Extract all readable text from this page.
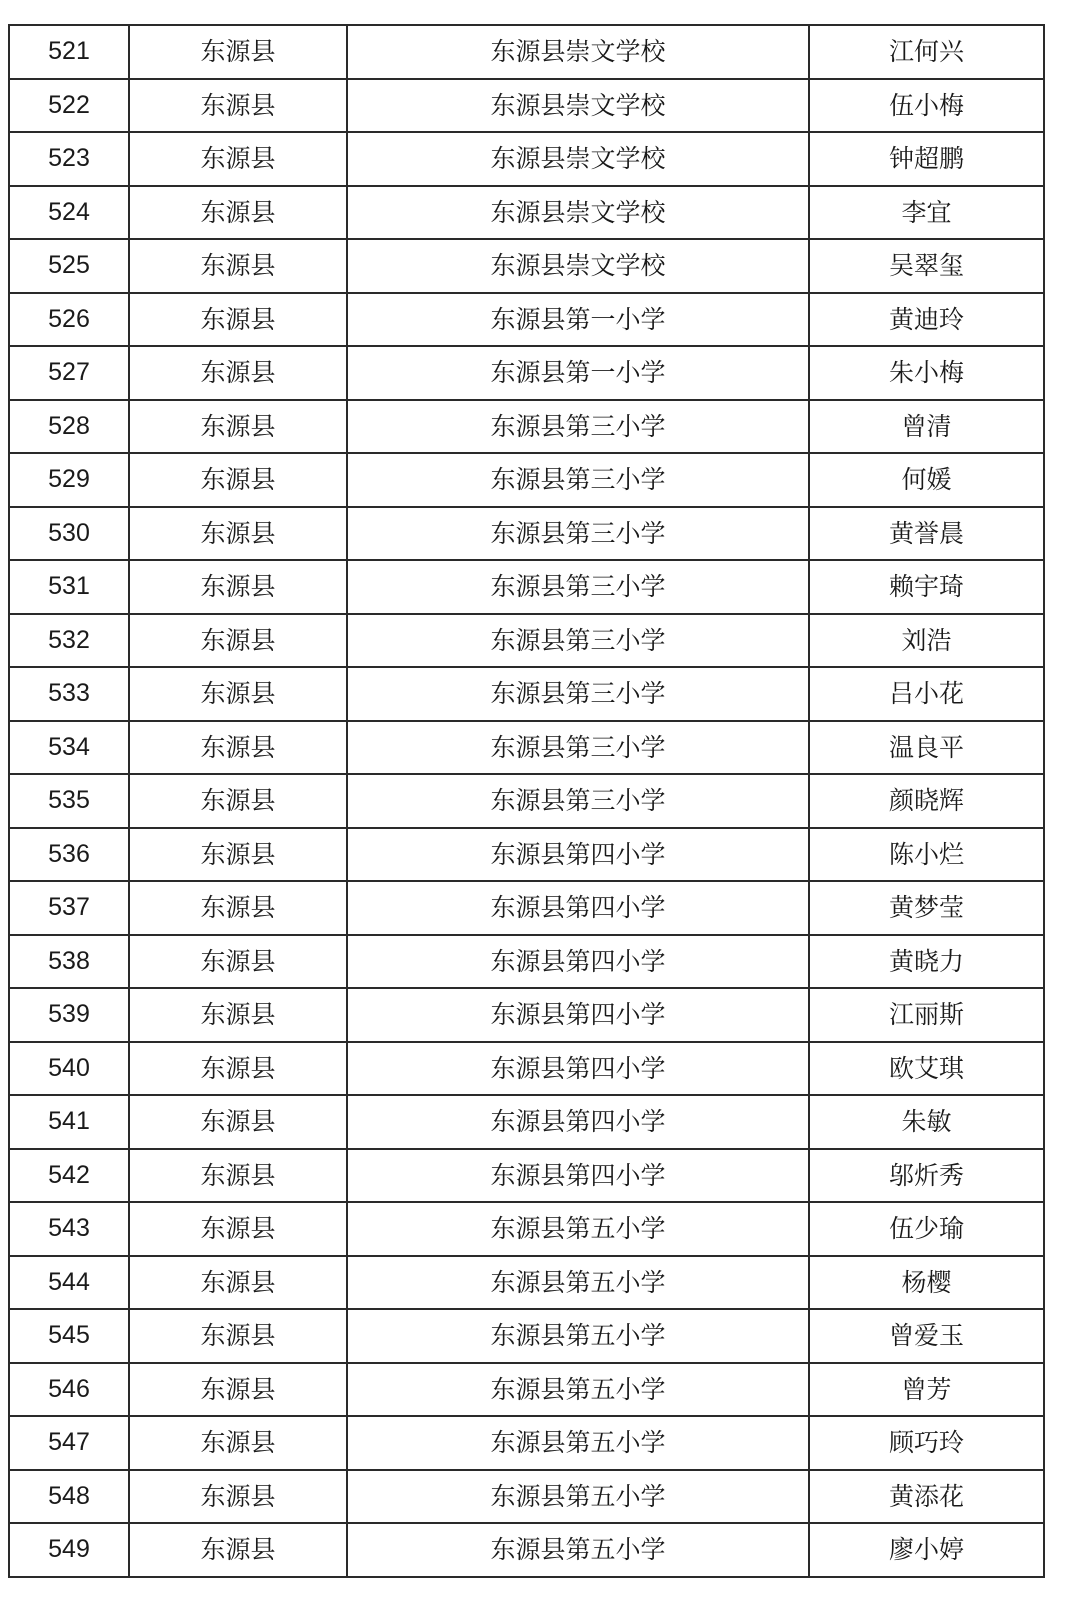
521	东源县	东源县崇文学校	江何兴
522	东源县	东源县崇文学校	伍小梅
523	东源县	东源县崇文学校	钟超鹏
524	东源县	东源县崇文学校	李宜
525	东源县	东源县崇文学校	吴翠玺
526	东源县	东源县第一小学	黄迪玲
527	东源县	东源县第一小学	朱小梅
528	东源县	东源县第三小学	曾清
529	东源县	东源县第三小学	何媛
530	东源县	东源县第三小学	黄誉晨
531	东源县	东源县第三小学	赖宇琦
532	东源县	东源县第三小学	刘浩
533	东源县	东源县第三小学	吕小花
534	东源县	东源县第三小学	温良平
535	东源县	东源县第三小学	颜晓辉
536	东源县	东源县第四小学	陈小烂
537	东源县	东源县第四小学	黄梦莹
538	东源县	东源县第四小学	黄晓力
539	东源县	东源县第四小学	江丽斯
540	东源县	东源县第四小学	欧艾琪
541	东源县	东源县第四小学	朱敏
542	东源县	东源县第四小学	邬炘秀
543	东源县	东源县第五小学	伍少瑜
544	东源县	东源县第五小学	杨樱
545	东源县	东源县第五小学	曾爱玉
546	东源县	东源县第五小学	曾芳
547	东源县	东源县第五小学	顾巧玲
548	东源县	东源县第五小学	黄添花
549	东源县	东源县第五小学	廖小婷
